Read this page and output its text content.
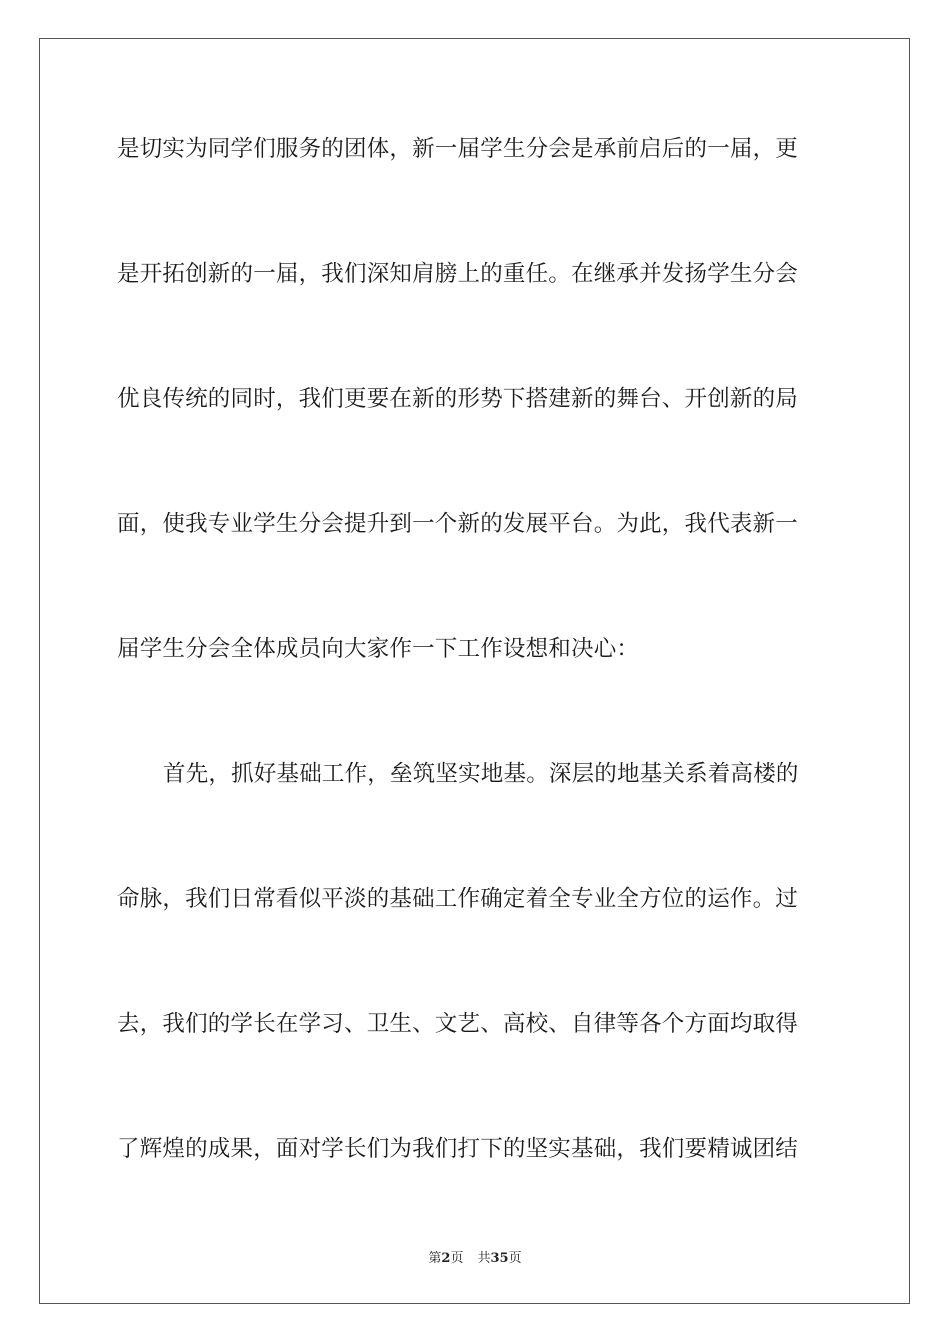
是切实为同学们服务的团体，新一届学生分会是承前启后的一届，更
是开拓创新的一届，我们深知肩膀上的重任。在继承并发扬学生分会
优良传统的同时，我们更要在新的形势下搭建新的舞台、开创新的局
面，使我专业学生分会提升到一个新的发展平台。为此，我代表新一
届学生分会全体成员向大家作一下工作设想和决心：
首先，抓好基础工作，垒筑坚实地基。深层的地基关系着高楼的
命脉，我们日常看似平淡的基础工作确定着全专业全方位的运作。过
去，我们的学长在学习、卫生、文艺、高校、自律等各个方面均取得
了辉煌的成果，面对学长们为我们打下的坚实基础，我们要精诚团结
第2页 共35页
